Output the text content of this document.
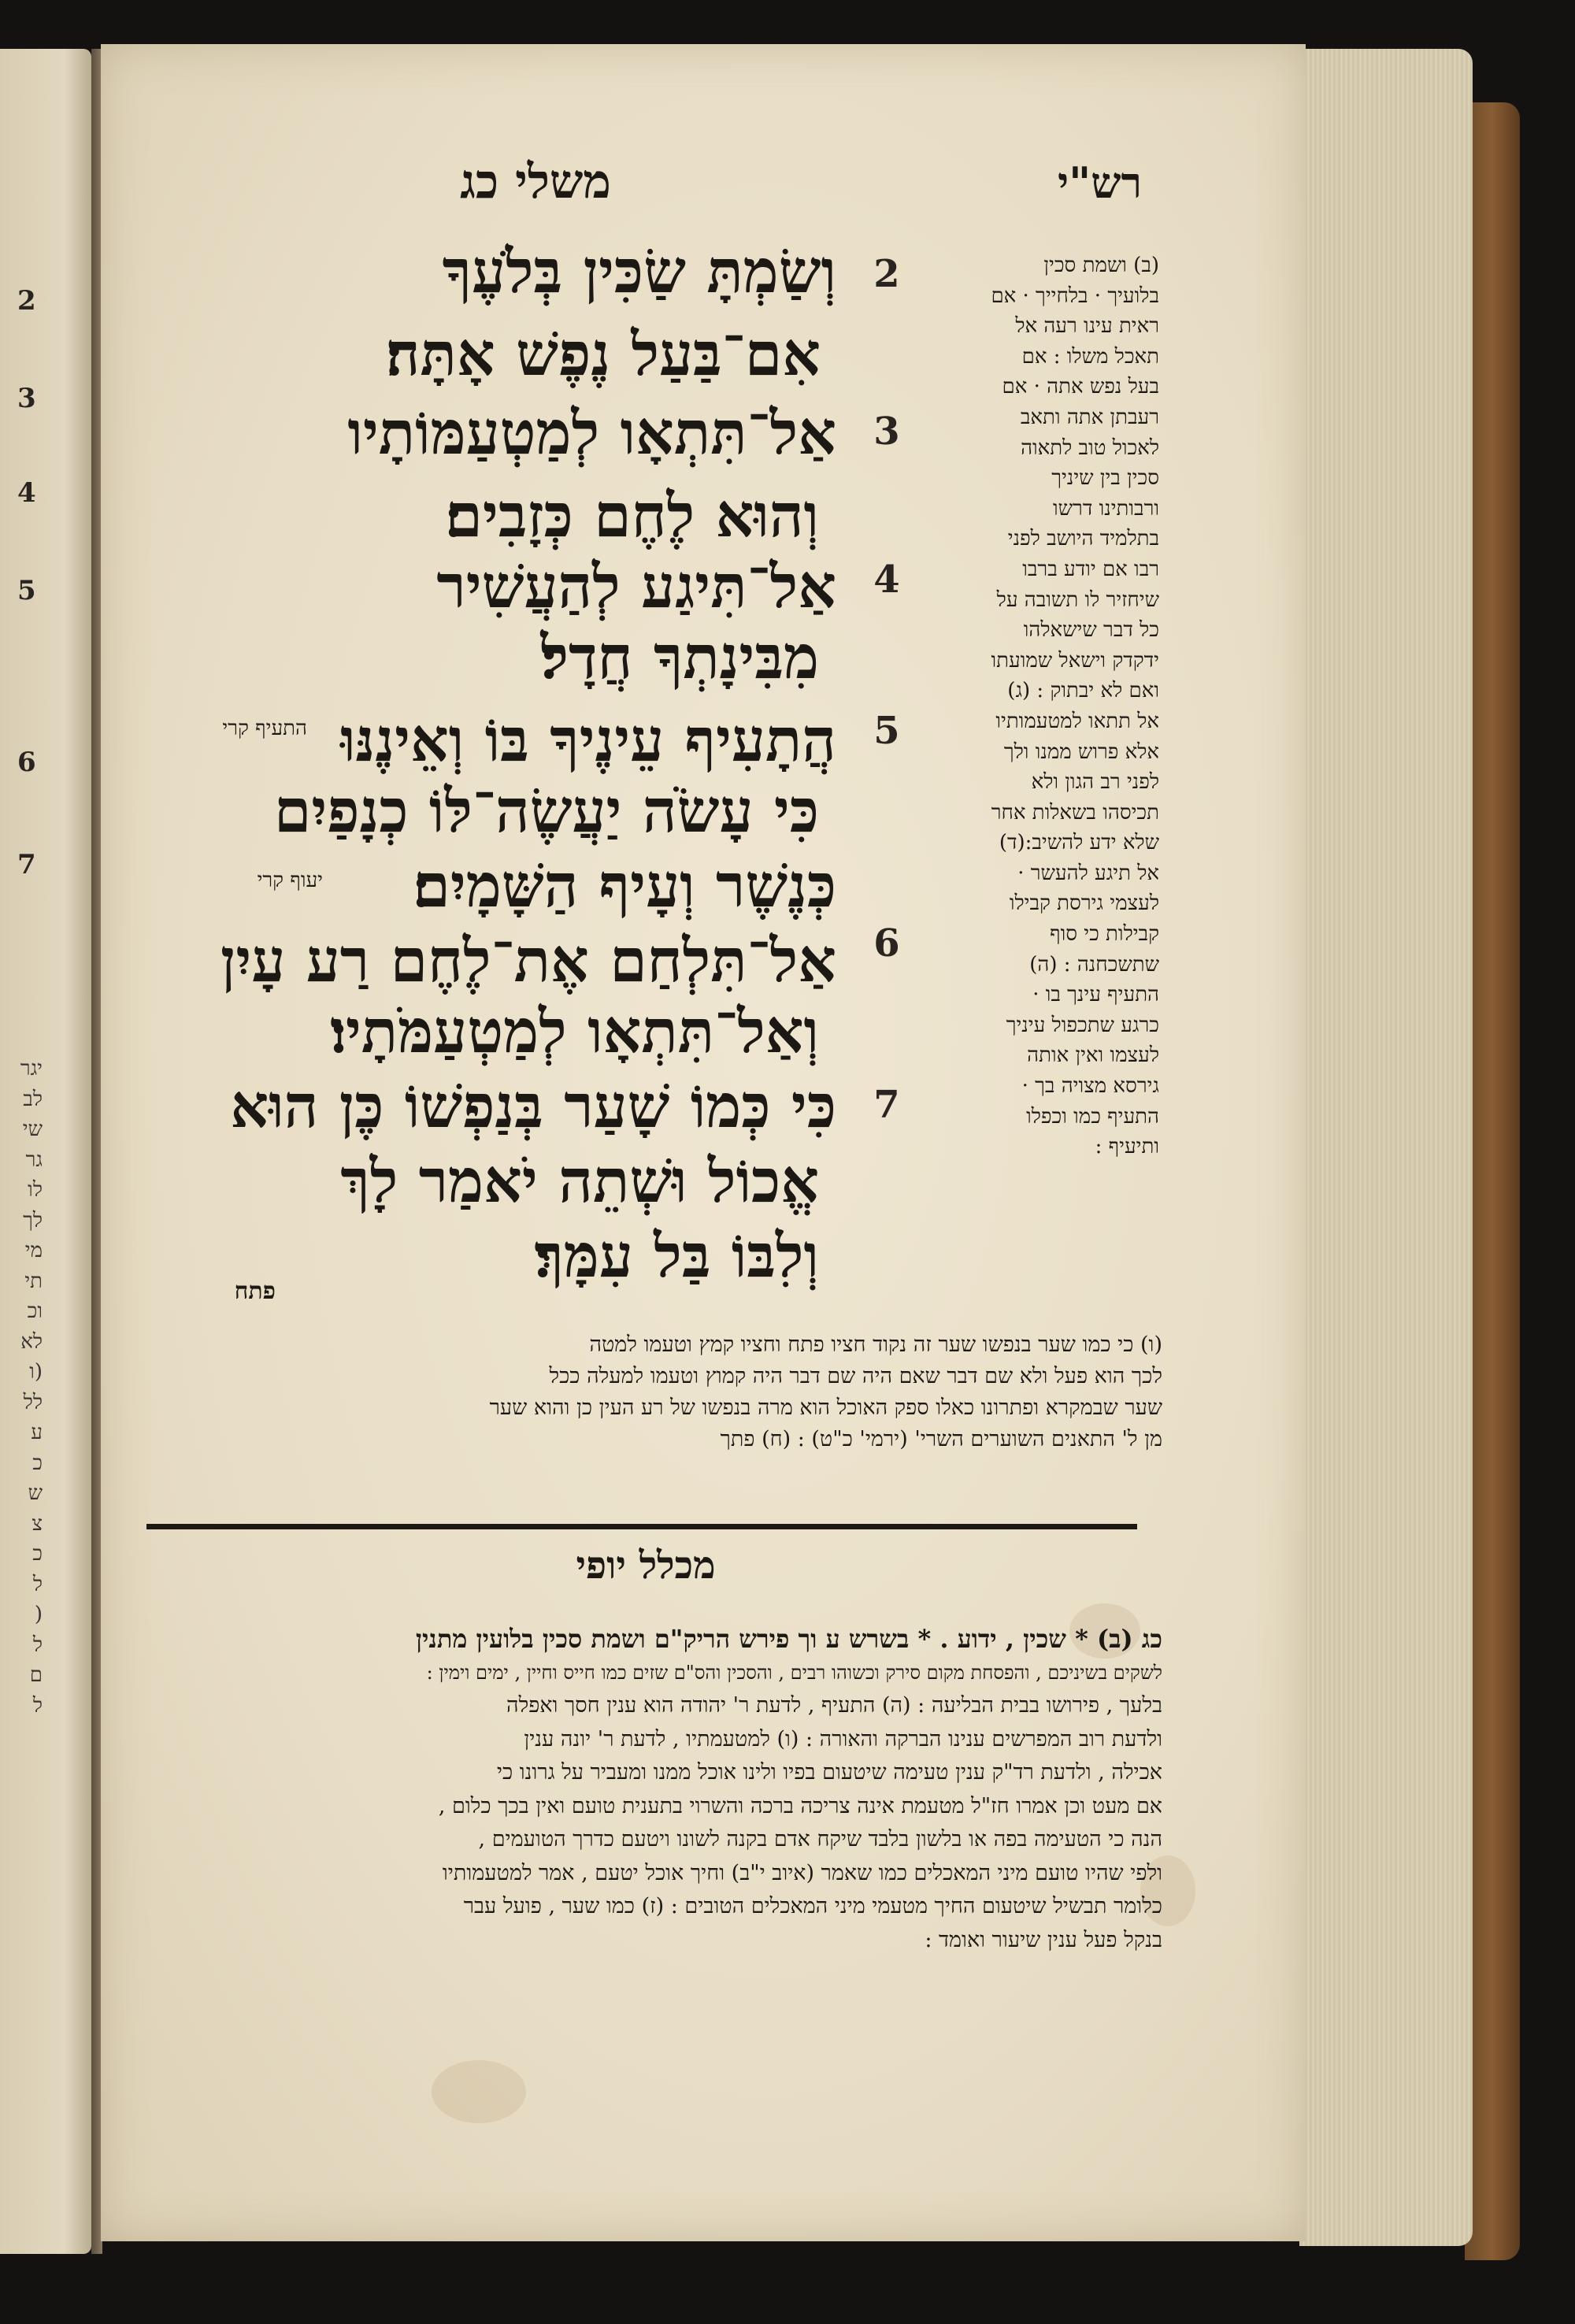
2
3
4
5
6
7
יגר
לב
שי
גר
לו
לך
מי
תי
וכ
לא
(ו
לל
ע
כ
ש
צ
כ
ל
(
ל
ם
ל
משלי כג	רש"י
וְשַׂמְתָּ שַׂכִּין בְּלֹעֶךָ
אִם־בַּעַל נֶפֶשׁ אָתָּה׃
אַל־תִּתְאָו לְמַטְעַמּוֹתָיו
וְהוּא לֶחֶם כְּזָבִים׃
אַל־תִּיגַע לְהַעֲשִׁיר
מִבִּינָתְךָ חֲדָל׃
הֲתָעִיף עֵינֶיךָ בּוֹ וְאֵינֶנּוּ
כִּי עָשֹׂה יַעֲשֶׂה־לּוֹ כְנָפַיִם
כְּנֶשֶׁר וְעָיף הַשָּׁמָיִם׃
אַל־תִּלְחַם אֶת־לֶחֶם רַע עָיִן
וְאַל־תִּתְאָו לְמַטְעַמֹּתָיו׃
כִּי כְּמוֹ שָׁעַר בְּנַפְשׁוֹ כֶּן הוּא
אֱכוֹל וּשְׁתֵה יֹאמַר לָךְ
וְלִבּוֹ בַּל עִמָּךְ׃
התעיף קרי
יעוף קרי
פתח
2
3
4
5
6
7
(ב) ושמת סכין
בלועיך · בלחייך · אם
ראית עינו רעה אל
תאכל משלו : אם
בעל נפש אתה · אם
רעבתן אתה ותאב
לאכול טוב לתאוה
סכין בין שיניך
ורבותינו דרשו
בתלמיד היושב לפני
רבו אם יודע ברבו
שיחזיר לו תשובה על
כל דבר שישאלהו
ידקדק וישאל שמועתו
ואם לא יבתוק : (ג)
אל תתאו למטעמותיו
אלא פרוש ממנו ולך
לפני רב הגון ולא
תכיסהו בשאלות אחר
שלא ידע להשיב:(ד)
אל תיגע להעשר ·
לעצמי גירסת קבילו
קבילות כי סוף
שתשכחנה : (ה)
התעיף עינך בו ·
כרגע שתכפול עיניך
לעצמו ואין אותה
גירסא מצויה בך ·
התעיף כמו וכפלו
ותיעיף :
(ו) כי כמו שער בנפשו שער זה נקוד חציו פתח וחציו קמץ וטעמו למטה
לכך הוא פעל ולא שם דבר שאם היה שם דבר היה קמוץ וטעמו למעלה ככל
שער שבמקרא ופתרונו כאלו ספק האוכל הוא מרה בנפשו של רע העין כן והוא שער
מן ל' התאנים השוערים השרי' (ירמי' כ"ט) : (ח) פתך
מכלל יופי
כג (ב) * שכין , ידוע . * בשרש ע וך פירש הריק"ם ושמת סכין בלועין מתנין
לשקים בשיניכם , והפסחת מקום סירק וכשוהו רבים , והסכין והס"ם שזים כמו חייס וחיין , ימים וימין :
בלעך , פירושו בבית הבליעה : (ה) התעיף , לדעת ר' יהודה הוא ענין חסך ואפלה
ולדעת רוב המפרשים ענינו הברקה והאורה : (ו) למטעמתיו , לדעת ר' יונה ענין
אכילה , ולדעת רד"ק ענין טעימה שיטעום בפיו ולינו אוכל ממנו ומעביר על גרונו כי
אם מעט וכן אמרו חז"ל מטעמת אינה צריכה ברכה והשרוי בתענית טועם ואין בכך כלום ,
הנה כי הטעימה בפה או בלשון בלבד שיקח אדם בקנה לשונו ויטעם כדרך הטועמים ,
ולפי שהיו טועם מיני המאכלים כמו שאמר (איוב י"ב) וחיך אוכל יטעם , אמר למטעמותיו
כלומר תבשיל שיטעום החיך מטעמי מיני המאכלים הטובים : (ז) כמו שער , פועל עבר
בנקל פעל ענין שיעור ואומד :
